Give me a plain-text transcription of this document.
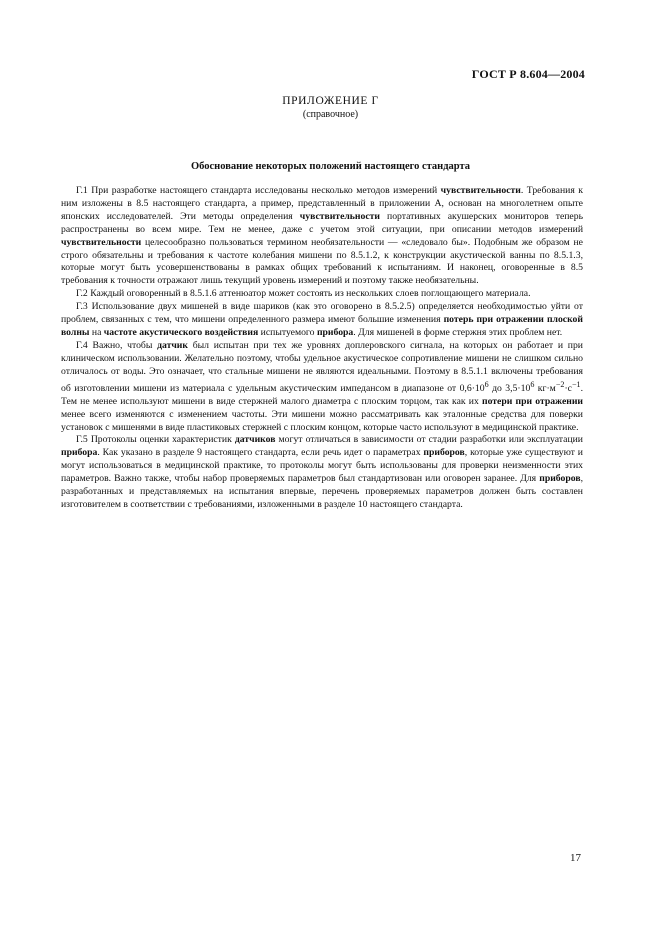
ГОСТ Р 8.604—2004
ПРИЛОЖЕНИЕ Г
(справочное)
Обоснование некоторых положений настоящего стандарта

Г.1 При разработке настоящего стандарта исследованы несколько методов измерений чувствительности. Требования к ним изложены в 8.5 настоящего стандарта, а пример, представленный в приложении А, основан на многолетнем опыте японских исследователей. Эти методы определения чувствительности портативных акушерских мониторов теперь распространены во всем мире. Тем не менее, даже с учетом этой ситуации, при описании методов измерений чувствительности целесообразно пользоваться термином необязательности — «следовало бы». Подобным же образом не строго обязательны и требования к частоте колебания мишени по 8.5.1.2, к конструкции акустической ванны по 8.5.1.3, которые могут быть усовершенствованы в рамках общих требований к испытаниям. И наконец, оговоренные в 8.5 требования к точности отражают лишь текущий уровень измерений и поэтому также необязательны.

Г.2 Каждый оговоренный в 8.5.1.6 аттенюатор может состоять из нескольких слоев поглощающего материала.

Г.3 Использование двух мишеней в виде шариков (как это оговорено в 8.5.2.5) определяется необходимостью уйти от проблем, связанных с тем, что мишени определенного размера имеют большие изменения потерь при отражении плоской волны на частоте акустического воздействия испытуемого прибора. Для мишеней в форме стержня этих проблем нет.

Г.4 Важно, чтобы датчик был испытан при тех же уровнях доплеровского сигнала, на которых он работает и при клиническом использовании. Желательно поэтому, чтобы удельное акустическое сопротивление мишени не слишком сильно отличалось от воды. Это означает, что стальные мишени не являются идеальными. Поэтому в 8.5.1.1 включены требования об изготовлении мишени из материала с удельным акустическим импедансом в диапазоне от $0,6\cdot 10^6$ до $3,5\cdot 10^6$ $кг\cdot м^{-2}\cdot с^{-1}$. Тем не менее используют мишени в виде стержней малого диаметра с плоским торцом, так как их потери при отражении менее всего изменяются с изменением частоты. Эти мишени можно рассматривать как эталонные средства для поверки установок с мишенями в виде пластиковых стержней с плоским концом, которые часто используют в медицинской практике.

Г.5 Протоколы оценки характеристик датчиков могут отличаться в зависимости от стадии разработки или эксплуатации прибора. Как указано в разделе 9 настоящего стандарта, если речь идет о параметрах приборов, которые уже существуют и могут использоваться в медицинской практике, то протоколы могут быть использованы для проверки неизменности этих параметров. Важно также, чтобы набор проверяемых параметров был стандартизован или оговорен заранее. Для приборов, разработанных и представляемых на испытания впервые, перечень проверяемых параметров должен быть составлен изготовителем в соответствии с требованиями, изложенными в разделе 10 настоящего стандарта.

17
